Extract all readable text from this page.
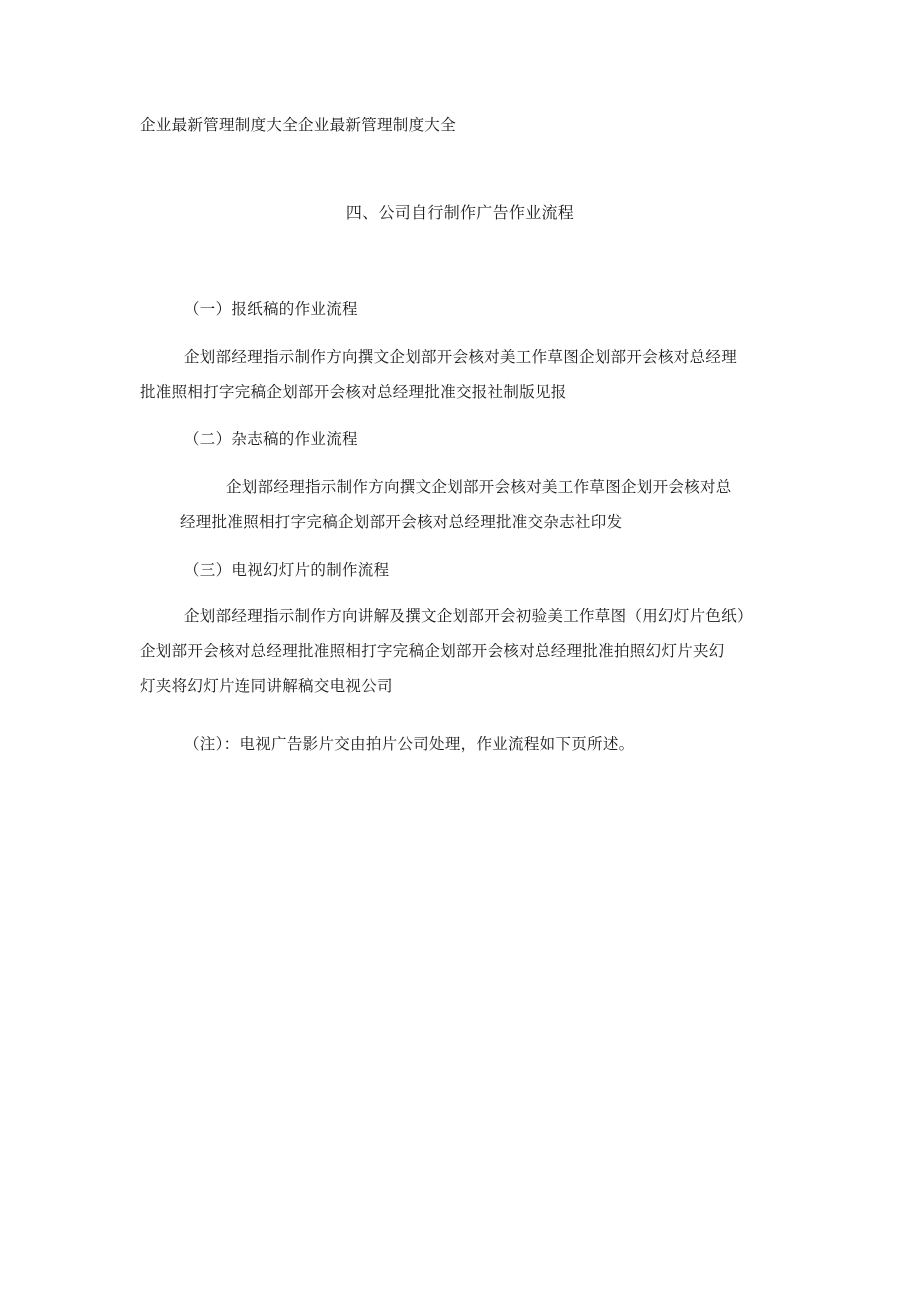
企业最新管理制度大全企业最新管理制度大全
四、公司自行制作广告作业流程
（一）报纸稿的作业流程
企划部经理指示制作方向撰文企划部开会核对美工作草图企划部开会核对总经理
批准照相打字完稿企划部开会核对总经理批准交报社制版见报
（二）杂志稿的作业流程
企划部经理指示制作方向撰文企划部开会核对美工作草图企划开会核对总
经理批准照相打字完稿企划部开会核对总经理批准交杂志社印发
（三）电视幻灯片的制作流程
企划部经理指示制作方向讲解及撰文企划部开会初验美工作草图（用幻灯片色纸）
企划部开会核对总经理批准照相打字完稿企划部开会核对总经理批准拍照幻灯片夹幻
灯夹将幻灯片连同讲解稿交电视公司
（注）：电视广告影片交由拍片公司处理，作业流程如下页所述。
